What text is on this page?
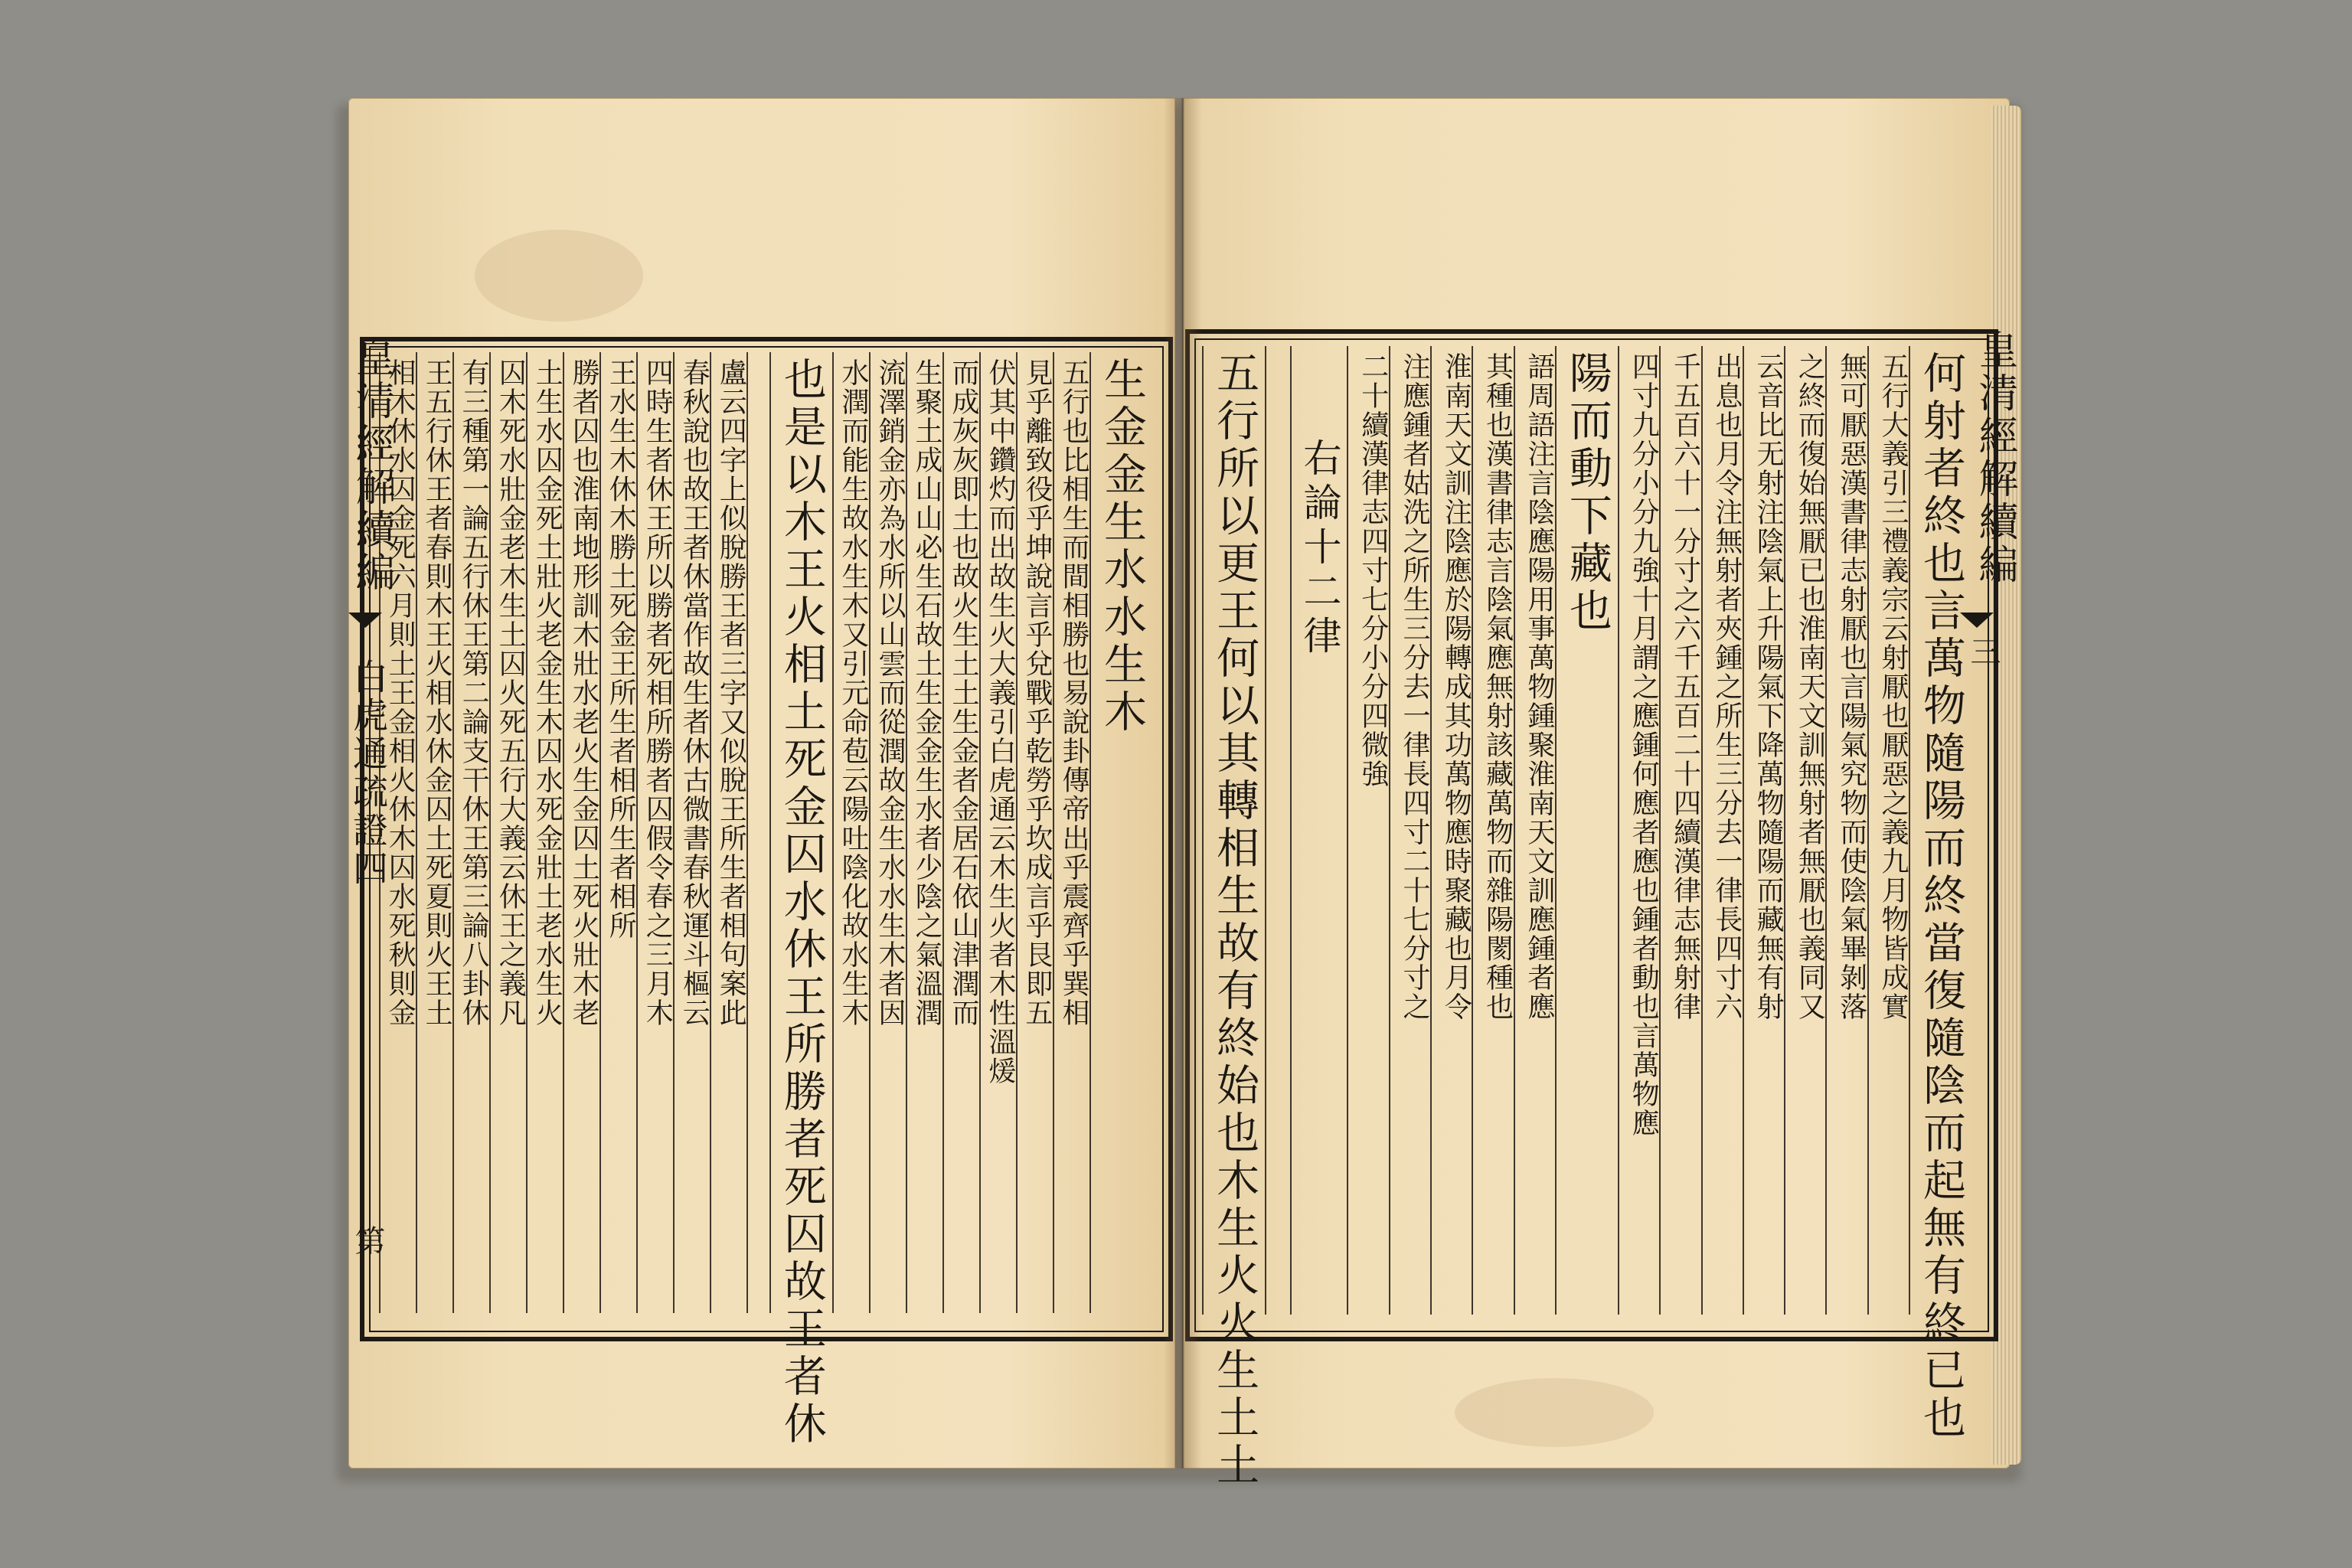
生金金生水水生木
五行也比相生而間相勝也易說卦傳帝出乎震齊乎巽相
見乎離致役乎坤說言乎兌戰乎乾勞乎坎成言乎艮即五
伏其中鑽灼而出故生火大義引白虎通云木生火者木性溫煖
而成灰灰即土也故火生土土生金者金居石依山津潤而
生聚土成山山必生石故土生金金生水者少陰之氣溫潤
流澤銷金亦為水所以山雲而從潤故金生水水生木者因
水潤而能生故水生木又引元命苞云陽吐陰化故水生木
也是以木王火相土死金囚水休王所勝者死囚故王者休
盧云四字上似脫勝王者三字又似脫王所生者相句案此
春秋說也故王者休當作故生者休古微書春秋運斗樞云
四時生者休王所以勝者死相所勝者囚假令春之三月木
王水生木休木勝土死金王所生者相所生者相所
勝者囚也淮南地形訓木壯水老火生金囚土死火壯木老
土生水囚金死土壯火老金生木囚水死金壯土老水生火
囚木死水壯金老木生土囚火死五行大義云休王之義凡
有三種第一論五行休王第二論支干休王第三論八卦休
王五行休王者春則木王火相水休金囚土死夏則火王土
相木休水囚金死六月則土王金相火休木囚水死秋則金	何射者終也言萬物隨陽而終當復隨陰而起無有終已也
五行大義引三禮義宗云射厭也厭惡之義九月物皆成實
無可厭惡漢書律志射厭也言陽氣究物而使陰氣畢剝落
之終而復始無厭已也淮南天文訓無射者無厭也義同又
云音比无射注陰氣上升陽氣下降萬物隨陽而藏無有射
出息也月令注無射者夾鍾之所生三分去一律長四寸六
千五百六十一分寸之六千五百二十四續漢律志無射律
四寸九分小分九強十月謂之應鍾何應者應也鍾者動也言萬物應
陽而動下藏也
語周語注言陰應陽用事萬物鍾聚淮南天文訓應鍾者應
其種也漢書律志言陰氣應無射該藏萬物而雜陽閡種也
淮南天文訓注陰應於陽轉成其功萬物應時聚藏也月令
注應鍾者姑洗之所生三分去一律長四寸二十七分寸之
二十續漢律志四寸七分小分四微強
右論十二律
五行所以更王何以其轉相生故有終始也木生火火生土土
皇清經解續編
白虎通疏證四
第
皇清經解續編
三
